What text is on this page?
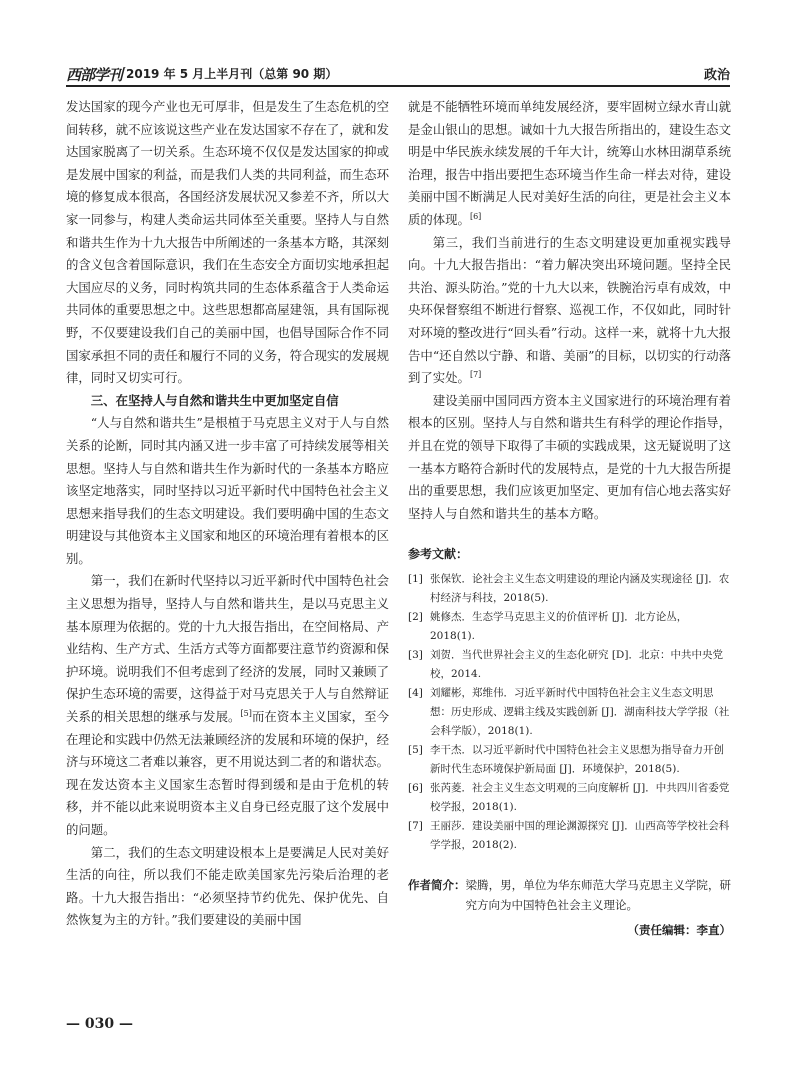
西部学刊 2019 年 5 月上半月刊（总第 90 期）	政治

发达国家的现今产业也无可厚非，但是发生了生态危机的空间转移，就不应该说这些产业在发达国家不存在了，就和发达国家脱离了一切关系。生态环境不仅仅是发达国家的抑或是发展中国家的利益，而是我们人类的共同利益，而生态环境的修复成本很高，各国经济发展状况又参差不齐，所以大家一同参与，构建人类命运共同体至关重要。坚持人与自然和谐共生作为十九大报告中所阐述的一条基本方略，其深刻的含义包含着国际意识，我们在生态安全方面切实地承担起大国应尽的义务，同时构筑共同的生态体系蕴含于人类命运共同体的重要思想之中。这些思想都高屋建瓴，具有国际视野，不仅要建设我们自己的美丽中国，也倡导国际合作不同国家承担不同的责任和履行不同的义务，符合现实的发展规律，同时又切实可行。

三、在坚持人与自然和谐共生中更加坚定自信

“人与自然和谐共生”是根植于马克思主义对于人与自然关系的论断，同时其内涵又进一步丰富了可持续发展等相关思想。坚持人与自然和谐共生作为新时代的一条基本方略应该坚定地落实，同时坚持以习近平新时代中国特色社会主义思想来指导我们的生态文明建设。我们要明确中国的生态文明建设与其他资本主义国家和地区的环境治理有着根本的区别。

第一，我们在新时代坚持以习近平新时代中国特色社会主义思想为指导，坚持人与自然和谐共生，是以马克思主义基本原理为依据的。党的十九大报告指出，在空间格局、产业结构、生产方式、生活方式等方面都要注意节约资源和保护环境。说明我们不但考虑到了经济的发展，同时又兼顾了保护生态环境的需要，这得益于对马克思关于人与自然辩证关系的相关思想的继承与发展。[5]而在资本主义国家，至今在理论和实践中仍然无法兼顾经济的发展和环境的保护，经济与环境这二者难以兼容，更不用说达到二者的和谐状态。现在发达资本主义国家生态暂时得到缓和是由于危机的转移，并不能以此来说明资本主义自身已经克服了这个发展中的问题。

第二，我们的生态文明建设根本上是要满足人民对美好生活的向往，所以我们不能走欧美国家先污染后治理的老路。十九大报告指出：“必须坚持节约优先、保护优先、自然恢复为主的方针。”我们要建设的美丽中国

就是不能牺牲环境而单纯发展经济，要牢固树立绿水青山就是金山银山的思想。诚如十九大报告所指出的，建设生态文明是中华民族永续发展的千年大计，统筹山水林田湖草系统治理，报告中指出要把生态环境当作生命一样去对待，建设美丽中国不断满足人民对美好生活的向往，更是社会主义本质的体现。[6]

第三，我们当前进行的生态文明建设更加重视实践导向。十九大报告指出：“着力解决突出环境问题。坚持全民共治、源头防治。”党的十九大以来，铁腕治污卓有成效，中央环保督察组不断进行督察、巡视工作，不仅如此，同时针对环境的整改进行“回头看”行动。这样一来，就将十九大报告中“还自然以宁静、和谐、美丽”的目标，以切实的行动落到了实处。[7]

建设美丽中国同西方资本主义国家进行的环境治理有着根本的区别。坚持人与自然和谐共生有科学的理论作指导，并且在党的领导下取得了丰硕的实践成果，这无疑说明了这一基本方略符合新时代的发展特点，是党的十九大报告所提出的重要思想，我们应该更加坚定、更加有信心地去落实好坚持人与自然和谐共生的基本方略。

参考文献：
[1] 张保钦．论社会主义生态文明建设的理论内涵及实现途径 [J]．农村经济与科技，2018(5).
[2] 姚修杰．生态学马克思主义的价值评析 [J]．北方论丛，2018(1).
[3] 刘贺．当代世界社会主义的生态化研究 [D]．北京：中共中央党校，2014.
[4] 刘耀彬，郑维伟．习近平新时代中国特色社会主义生态文明思想：历史形成、逻辑主线及实践创新 [J]．湖南科技大学学报（社会科学版），2018(1).
[5] 李干杰．以习近平新时代中国特色社会主义思想为指导奋力开创新时代生态环境保护新局面 [J]．环境保护，2018(5).
[6] 张芮菱．社会主义生态文明观的三向度解析 [J]．中共四川省委党校学报，2018(1).
[7] 王丽莎．建设美丽中国的理论渊源探究 [J]．山西高等学校社会科学学报，2018(2).
作者简介： 梁腾，男，单位为华东师范大学马克思主义学院，研究方向为中国特色社会主义理论。
（责任编辑：李直）
— 030 —
